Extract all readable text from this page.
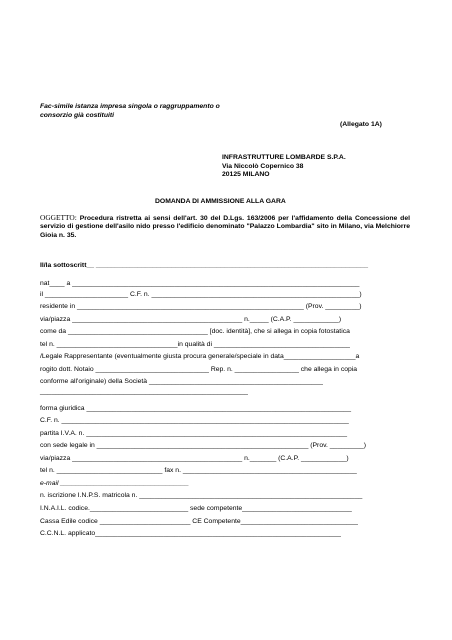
Fac-simile istanza impresa singola o raggruppamento o
consorzio già costituiti
(Allegato 1A)
INFRASTRUTTURE LOMBARDE S.P.A.
Via Niccolò Copernico 38
20125 MILANO
DOMANDA DI AMMISSIONE ALLA GARA
OGGETTO: Procedura ristretta ai sensi dell'art. 30 del D.Lgs. 163/2006 per l'affidamento della Concessione del servizio di gestione dell'asilo nido presso l'edificio denominato "Palazzo Lombardia" sito in Milano, via Melchiorre Gioia n. 35.
Il/la sottoscritt__ ________________________________________________________________________
nat____ a ____________________________________________________________________________
il ______________________ C.F. n. _______________________________________________________)
residente in ____________________________________________________________ (Prov. _________)
via/piazza _____________________________________________ n._____ (C.A.P. ____________)
come da _____________________________________ [doc. identità], che si allega in copia fotostatica
tel n. ________________________________in qualità di ____________________________________
/Legale Rappresentante (eventualmente giusta procura generale/speciale in data___________________a
rogito dott. Notaio ______________________________ Rep. n. _________________ che allega in copia
conforme all'originale) della Società ______________________________________________
_______________________________________________________
forma giuridica ______________________________________________________________________
C.F. n. ____________________________________________________________________________
partita I.V.A. n. _____________________________________________________________________
con sede legale in ________________________________________________________ (Prov. _________)
via/piazza _____________________________________________ n._______ (C.A.P. ____________)
tel n. ____________________________ fax n. ______________________________________________
e-mail __________________________________
n. iscrizione I.N.P.S. matricola n. ___________________________________________________________
I.N.A.I.L. codice.__________________________ sede competente_____________________________
Cassa Edile codice ________________________ CE Competente_______________________________
C.C.N.L. applicato_________________________________________________________________
